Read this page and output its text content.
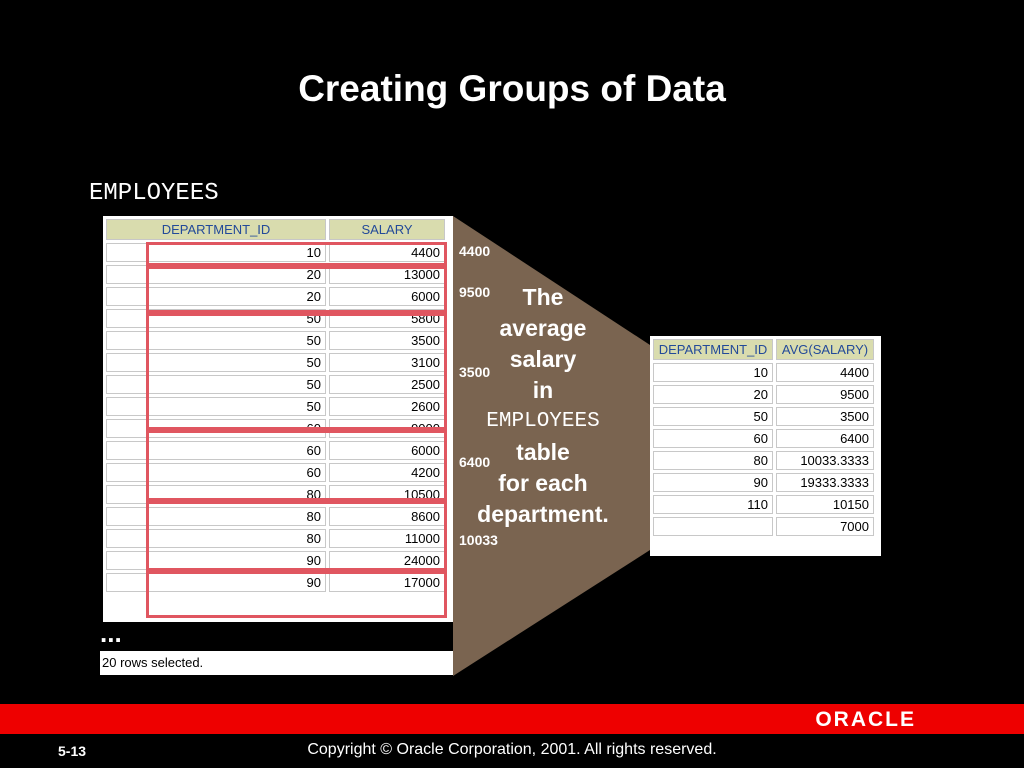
Creating Groups of Data
EMPLOYEES
DEPARTMENT_ID	SALARY
10	4400
20	13000
20	6000
50	5800
50	3500
50	3100
50	2500
50	2600
60	9000
60	6000
60	4200
80	10500
80	8600
80	11000
90	24000
90	17000
4400
9500
3500
6400
10033
The
average
salary
in
EMPLOYEES
table
for each
department.
DEPARTMENT_ID	AVG(SALARY)
10	4400
20	9500
50	3500
60	6400
80	10033.3333
90	19333.3333
110	10150
	7000
...
20 rows selected.
ORACLE
5-13	Copyright © Oracle Corporation, 2001. All rights reserved.
